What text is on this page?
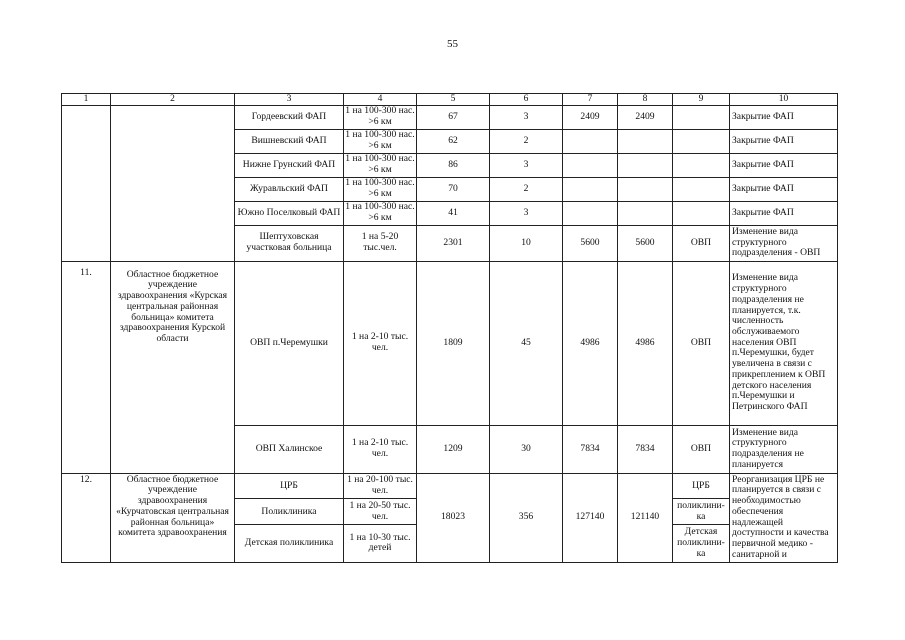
55
1	2	3	4	5	6	7	8	9	10
		Гордеевский ФАП	1 на 100-300 нас. >6 км	67	3	2409	2409		Закрытие ФАП
		Вишневский ФАП	1 на 100-300 нас. >6 км	62	2				Закрытие ФАП
		Нижне Грунский ФАП	1 на 100-300 нас. >6 км	86	3				Закрытие ФАП
		Журавльский ФАП	1 на 100-300 нас. >6 км	70	2				Закрытие ФАП
		Южно Поселковый ФАП	1 на 100-300 нас. >6 км	41	3				Закрытие ФАП
		Шептуховская участковая больница	1 на 5-20 тыс.чел.	2301	10	5600	5600	ОВП	Изменение вида структурного подразделения - ОВП
11.	Областное бюджетное учреждение здравоохранения «Курская центральная районная больница» комитета здравоохранения Курской области	ОВП п.Черемушки	1 на 2-10 тыс. чел.	1809	45	4986	4986	ОВП	Изменение вида структурного подразделения не планируется, т.к. численность обслуживаемого населения ОВП п.Черемушки, будет увеличена в связи с прикреплением к ОВП детского населения п.Черемушки и Петринского ФАП
		ОВП Халинское	1 на 2-10 тыс. чел.	1209	30	7834	7834	ОВП	Изменение вида структурного подразделения не планируется
12.	Областное бюджетное учреждение здравоохранения «Курчатовская центральная районная больница» комитета здравоохранения	ЦРБ	1 на 20-100 тыс. чел.	18023	356	127140	121140	ЦРБ	Реорганизация ЦРБ не планируется в связи с необходимостью обеспечения надлежащей доступности и качества первичной медико - санитарной и
		Поликлиника	1 на 20-50 тыс. чел.					поликлини-ка	
		Детская поликлиника	1 на 10-30 тыс. детей					Детская поликлини-ка	
